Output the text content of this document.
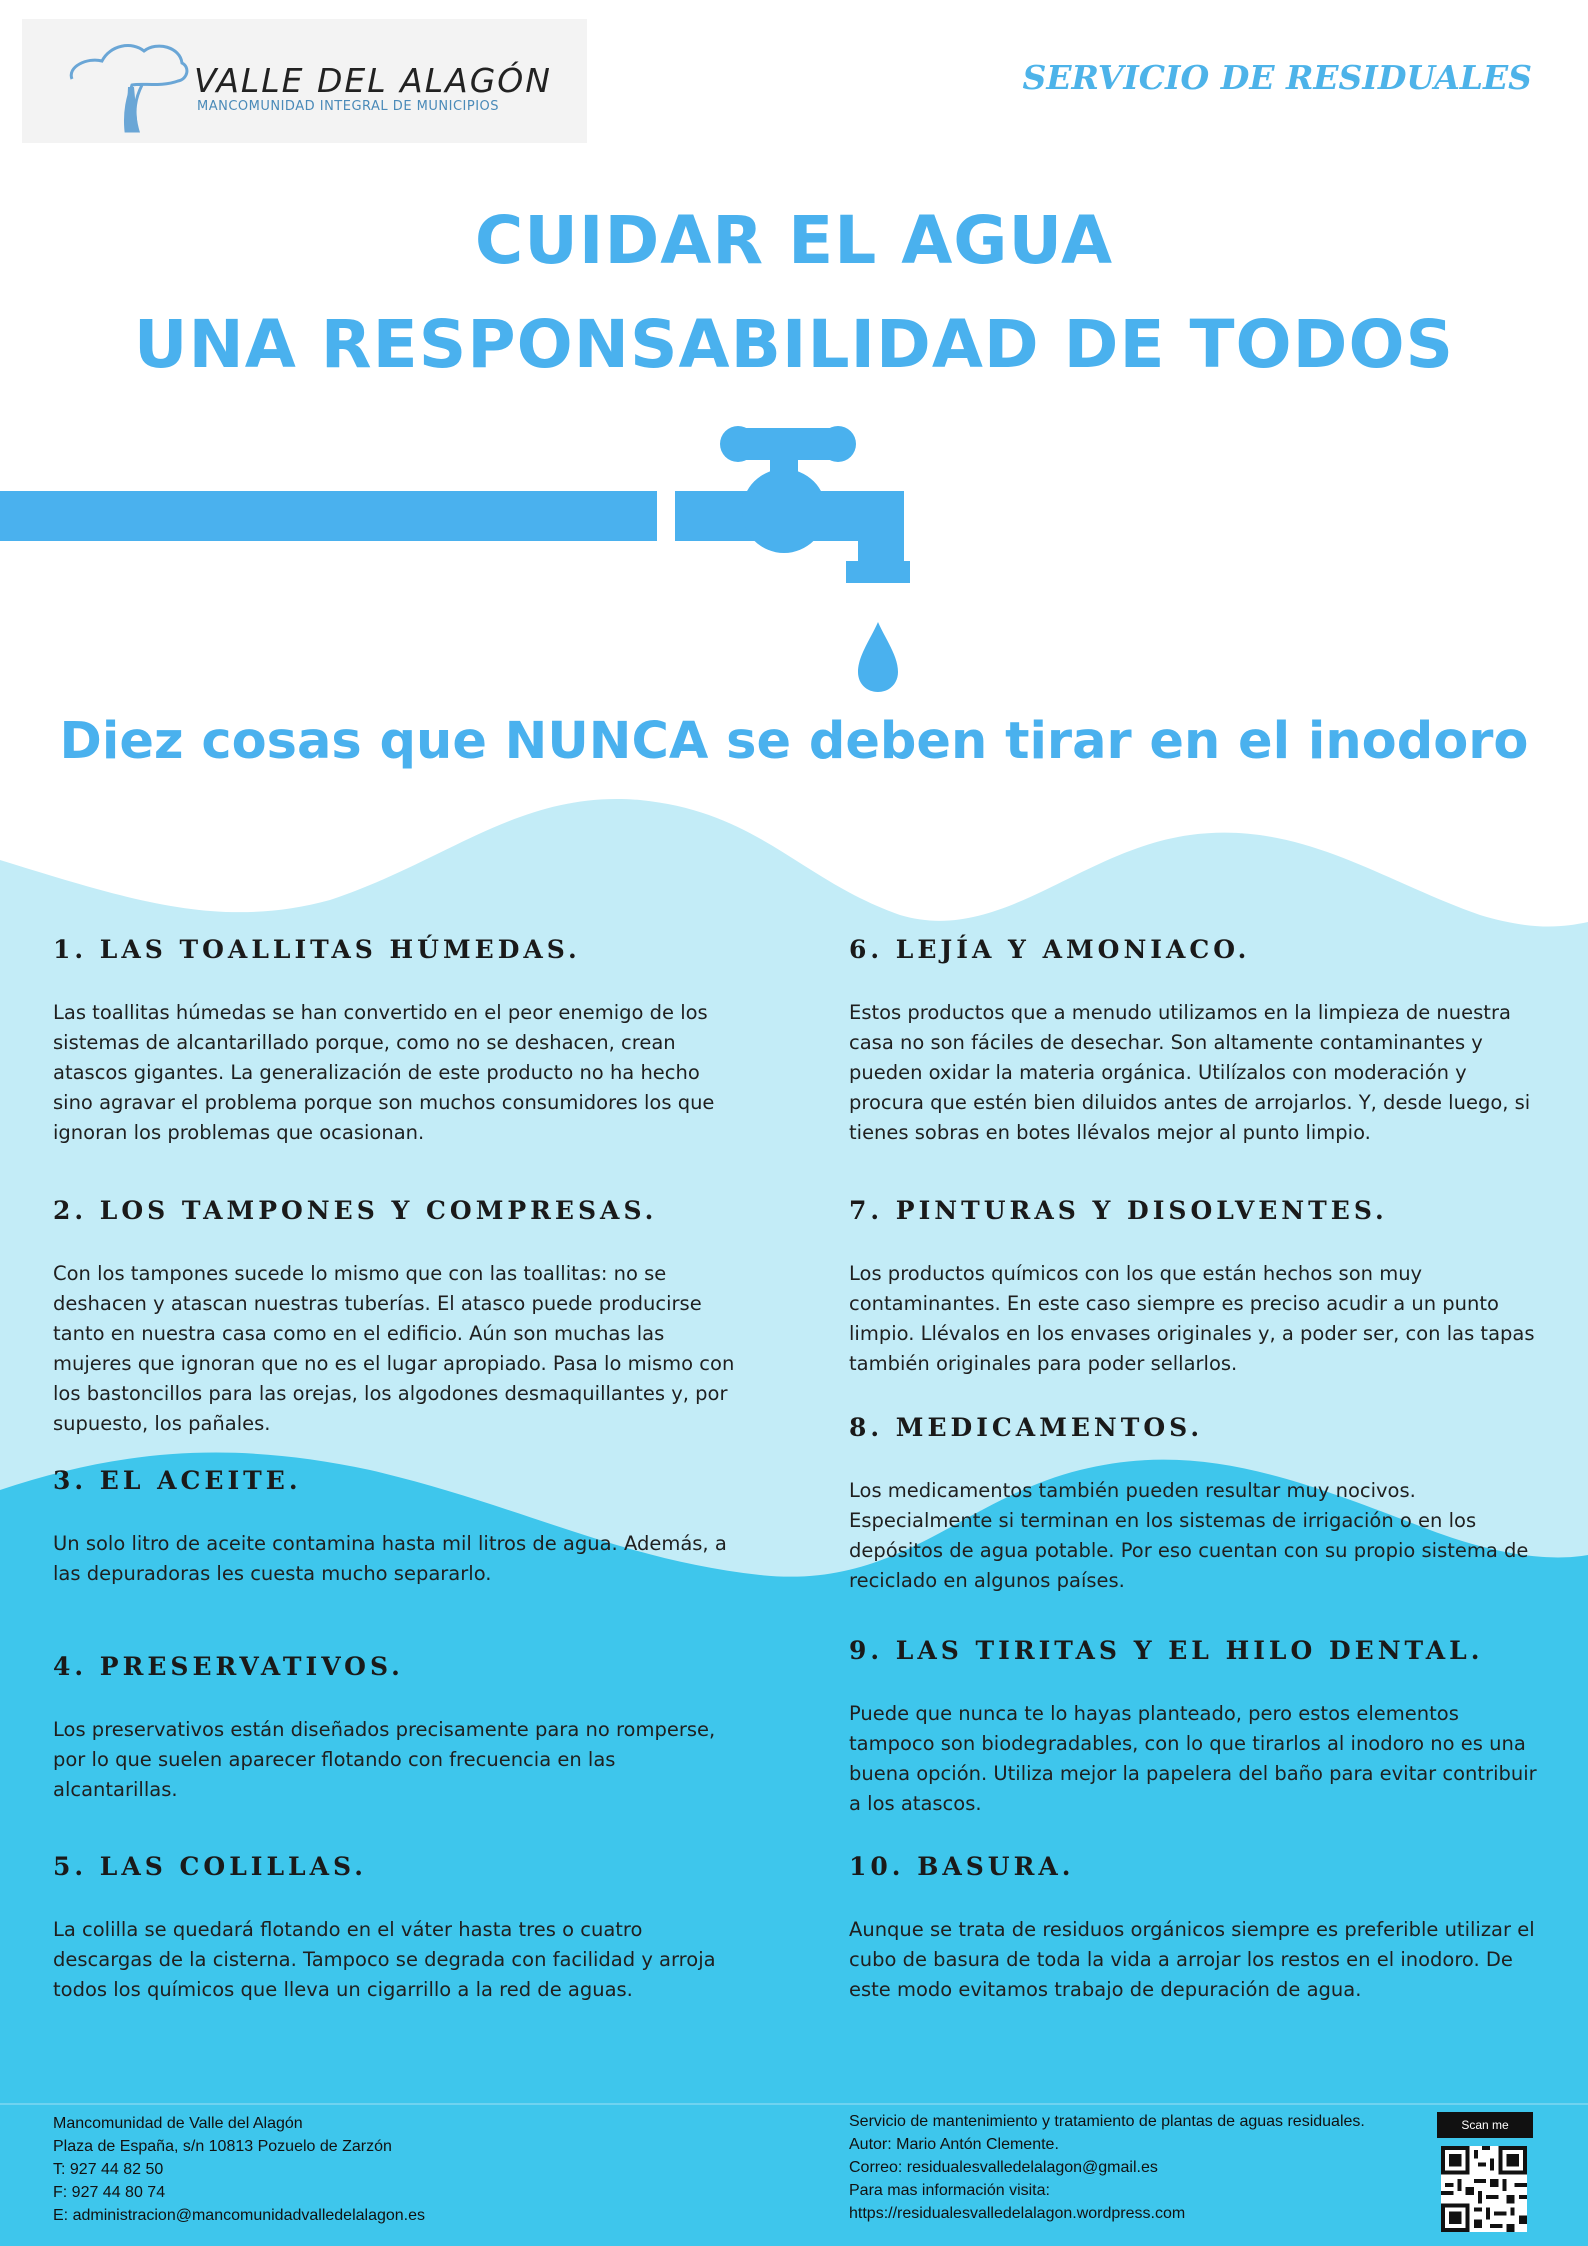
VALLE DEL ALAGÓN
MANCOMUNIDAD INTEGRAL DE MUNICIPIOS
SERVICIO DE RESIDUALES
CUIDAR EL AGUA
UNA RESPONSABILIDAD DE TODOS
Diez cosas que NUNCA se deben tirar en el inodoro
1. LAS TOALLITAS HÚMEDAS.

Las toallitas húmedas se han convertido en el peor enemigo de los sistemas de alcantarillado porque, como no se deshacen, crean atascos gigantes. La generalización de este producto no ha hecho sino agravar el problema porque son muchos consumidores los que ignoran los problemas que ocasionan.

2. LOS TAMPONES Y COMPRESAS.

Con los tampones sucede lo mismo que con las toallitas: no se deshacen y atascan nuestras tuberías. El atasco puede producirse tanto en nuestra casa como en el edificio. Aún son muchas las mujeres que ignoran que no es el lugar apropiado. Pasa lo mismo con los bastoncillos para las orejas, los algodones desmaquillantes y, por supuesto, los pañales.

3. EL ACEITE.

Un solo litro de aceite contamina hasta mil litros de agua. Además, a las depuradoras les cuesta mucho separarlo.

4. PRESERVATIVOS.

Los preservativos están diseñados precisamente para no romperse, por lo que suelen aparecer flotando con frecuencia en las alcantarillas.

5. LAS COLILLAS.

La colilla se quedará flotando en el váter hasta tres o cuatro descargas de la cisterna. Tampoco se degrada con facilidad y arroja todos los químicos que lleva un cigarrillo a la red de aguas.

6. LEJÍA Y AMONIACO.

Estos productos que a menudo utilizamos en la limpieza de nuestra casa no son fáciles de desechar. Son altamente contaminantes y pueden oxidar la materia orgánica. Utilízalos con moderación y procura que estén bien diluidos antes de arrojarlos. Y, desde luego, si tienes sobras en botes llévalos mejor al punto limpio.

7. PINTURAS Y DISOLVENTES.

Los productos químicos con los que están hechos son muy contaminantes. En este caso siempre es preciso acudir a un punto limpio. Llévalos en los envases originales y, a poder ser, con las tapas también originales para poder sellarlos.

8. MEDICAMENTOS.

Los medicamentos también pueden resultar muy nocivos. Especialmente si terminan en los sistemas de irrigación o en los depósitos de agua potable. Por eso cuentan con su propio sistema de reciclado en algunos países.

9. LAS TIRITAS Y EL HILO DENTAL.

Puede que nunca te lo hayas planteado, pero estos elementos tampoco son biodegradables, con lo que tirarlos al inodoro no es una buena opción. Utiliza mejor la papelera del baño para evitar contribuir a los atascos.

10. BASURA.

Aunque se trata de residuos orgánicos siempre es preferible utilizar el cubo de basura de toda la vida a arrojar los restos en el inodoro. De este modo evitamos trabajo de depuración de agua.

Mancomunidad de Valle del Alagón
Plaza de España, s/n 10813 Pozuelo de Zarzón
T: 927 44 82 50
F: 927 44 80 74
E: administracion@mancomunidadvalledelalagon.es
Servicio de mantenimiento y tratamiento de plantas de aguas residuales.
Autor: Mario Antón Clemente.
Correo: residualesvalledelalagon@gmail.es
Para mas información visita:
https://residualesvalledelalagon.wordpress.com
Scan me
